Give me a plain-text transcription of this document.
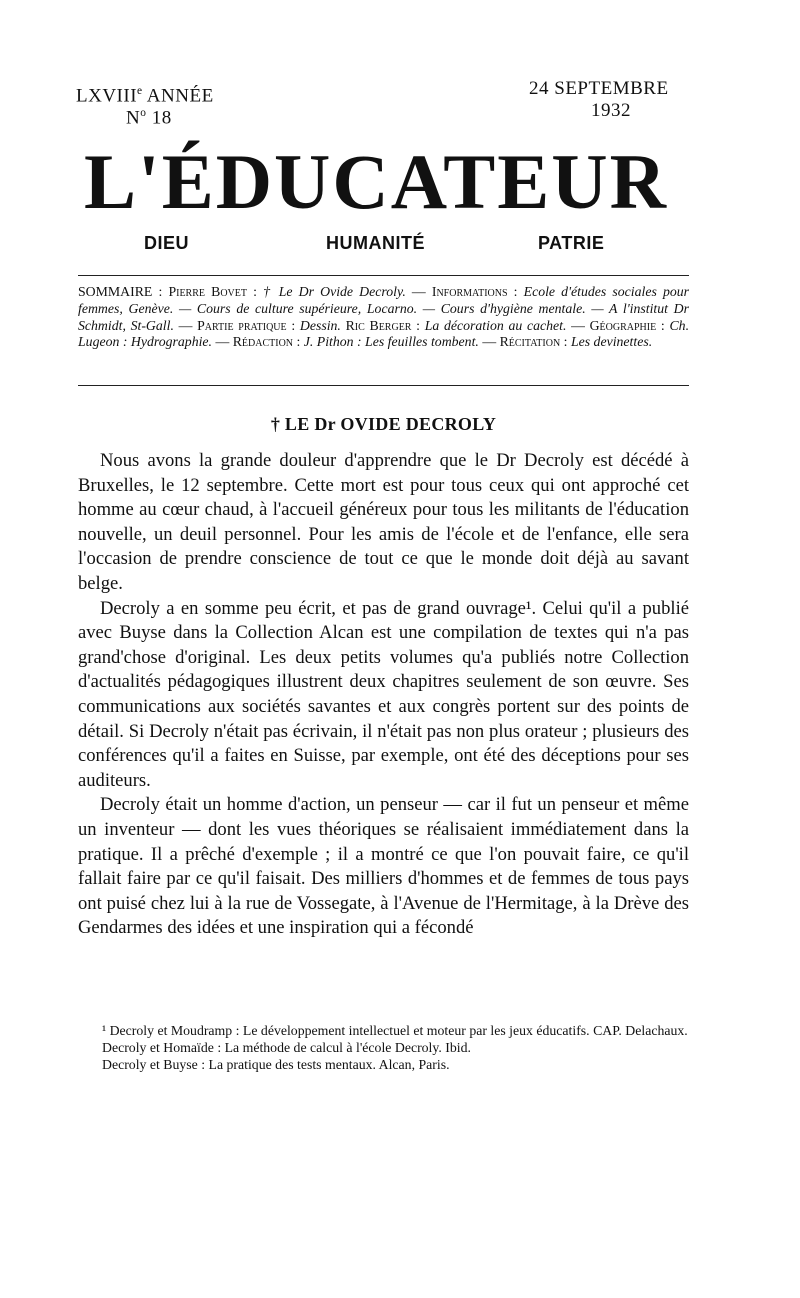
LXVIIIe ANNÉE
$N^o$ 18
24 SEPTEMBRE
1932
L'ÉDUCATEUR
DIEU	HUMANITÉ	PATRIE
SOMMAIRE : Pierre Bovet : † Le Dr Ovide Decroly. — Informations : Ecole d'études sociales pour femmes, Genève. — Cours de culture supérieure, Locarno. — Cours d'hygiène mentale. — A l'institut Dr Schmidt, St-Gall. — Partie pratique : Dessin. Ric Berger : La décoration au cachet. — Géographie : Ch. Lugeon : Hydrographie. — Rédaction : J. Pithon : Les feuilles tombent. — Récitation : Les devinettes.
† LE Dr OVIDE DECROLY

Nous avons la grande douleur d'apprendre que le Dr Decroly est décédé à Bruxelles, le 12 septembre. Cette mort est pour tous ceux qui ont approché cet homme au cœur chaud, à l'accueil généreux pour tous les militants de l'éducation nouvelle, un deuil personnel. Pour les amis de l'école et de l'enfance, elle sera l'occasion de prendre conscience de tout ce que le monde doit déjà au savant belge.

Decroly a en somme peu écrit, et pas de grand ouvrage¹. Celui qu'il a publié avec Buyse dans la Collection Alcan est une compilation de textes qui n'a pas grand'chose d'original. Les deux petits volumes qu'a publiés notre Collection d'actualités pédagogiques illustrent deux chapitres seulement de son œuvre. Ses communications aux sociétés savantes et aux congrès portent sur des points de détail. Si Decroly n'était pas écrivain, il n'était pas non plus orateur ; plusieurs des conférences qu'il a faites en Suisse, par exemple, ont été des déceptions pour ses auditeurs.

Decroly était un homme d'action, un penseur — car il fut un penseur et même un inventeur — dont les vues théoriques se réalisaient immédiatement dans la pratique. Il a prêché d'exemple ; il a montré ce que l'on pouvait faire, ce qu'il fallait faire par ce qu'il faisait. Des milliers d'hommes et de femmes de tous pays ont puisé chez lui à la rue de Vossegate, à l'Avenue de l'Hermitage, à la Drève des Gendarmes des idées et une inspiration qui a fécondé

¹ Decroly et Moudramp : Le développement intellectuel et moteur par les jeux éducatifs. CAP. Delachaux.

Decroly et Homaïde : La méthode de calcul à l'école Decroly. Ibid.

Decroly et Buyse : La pratique des tests mentaux. Alcan, Paris.
